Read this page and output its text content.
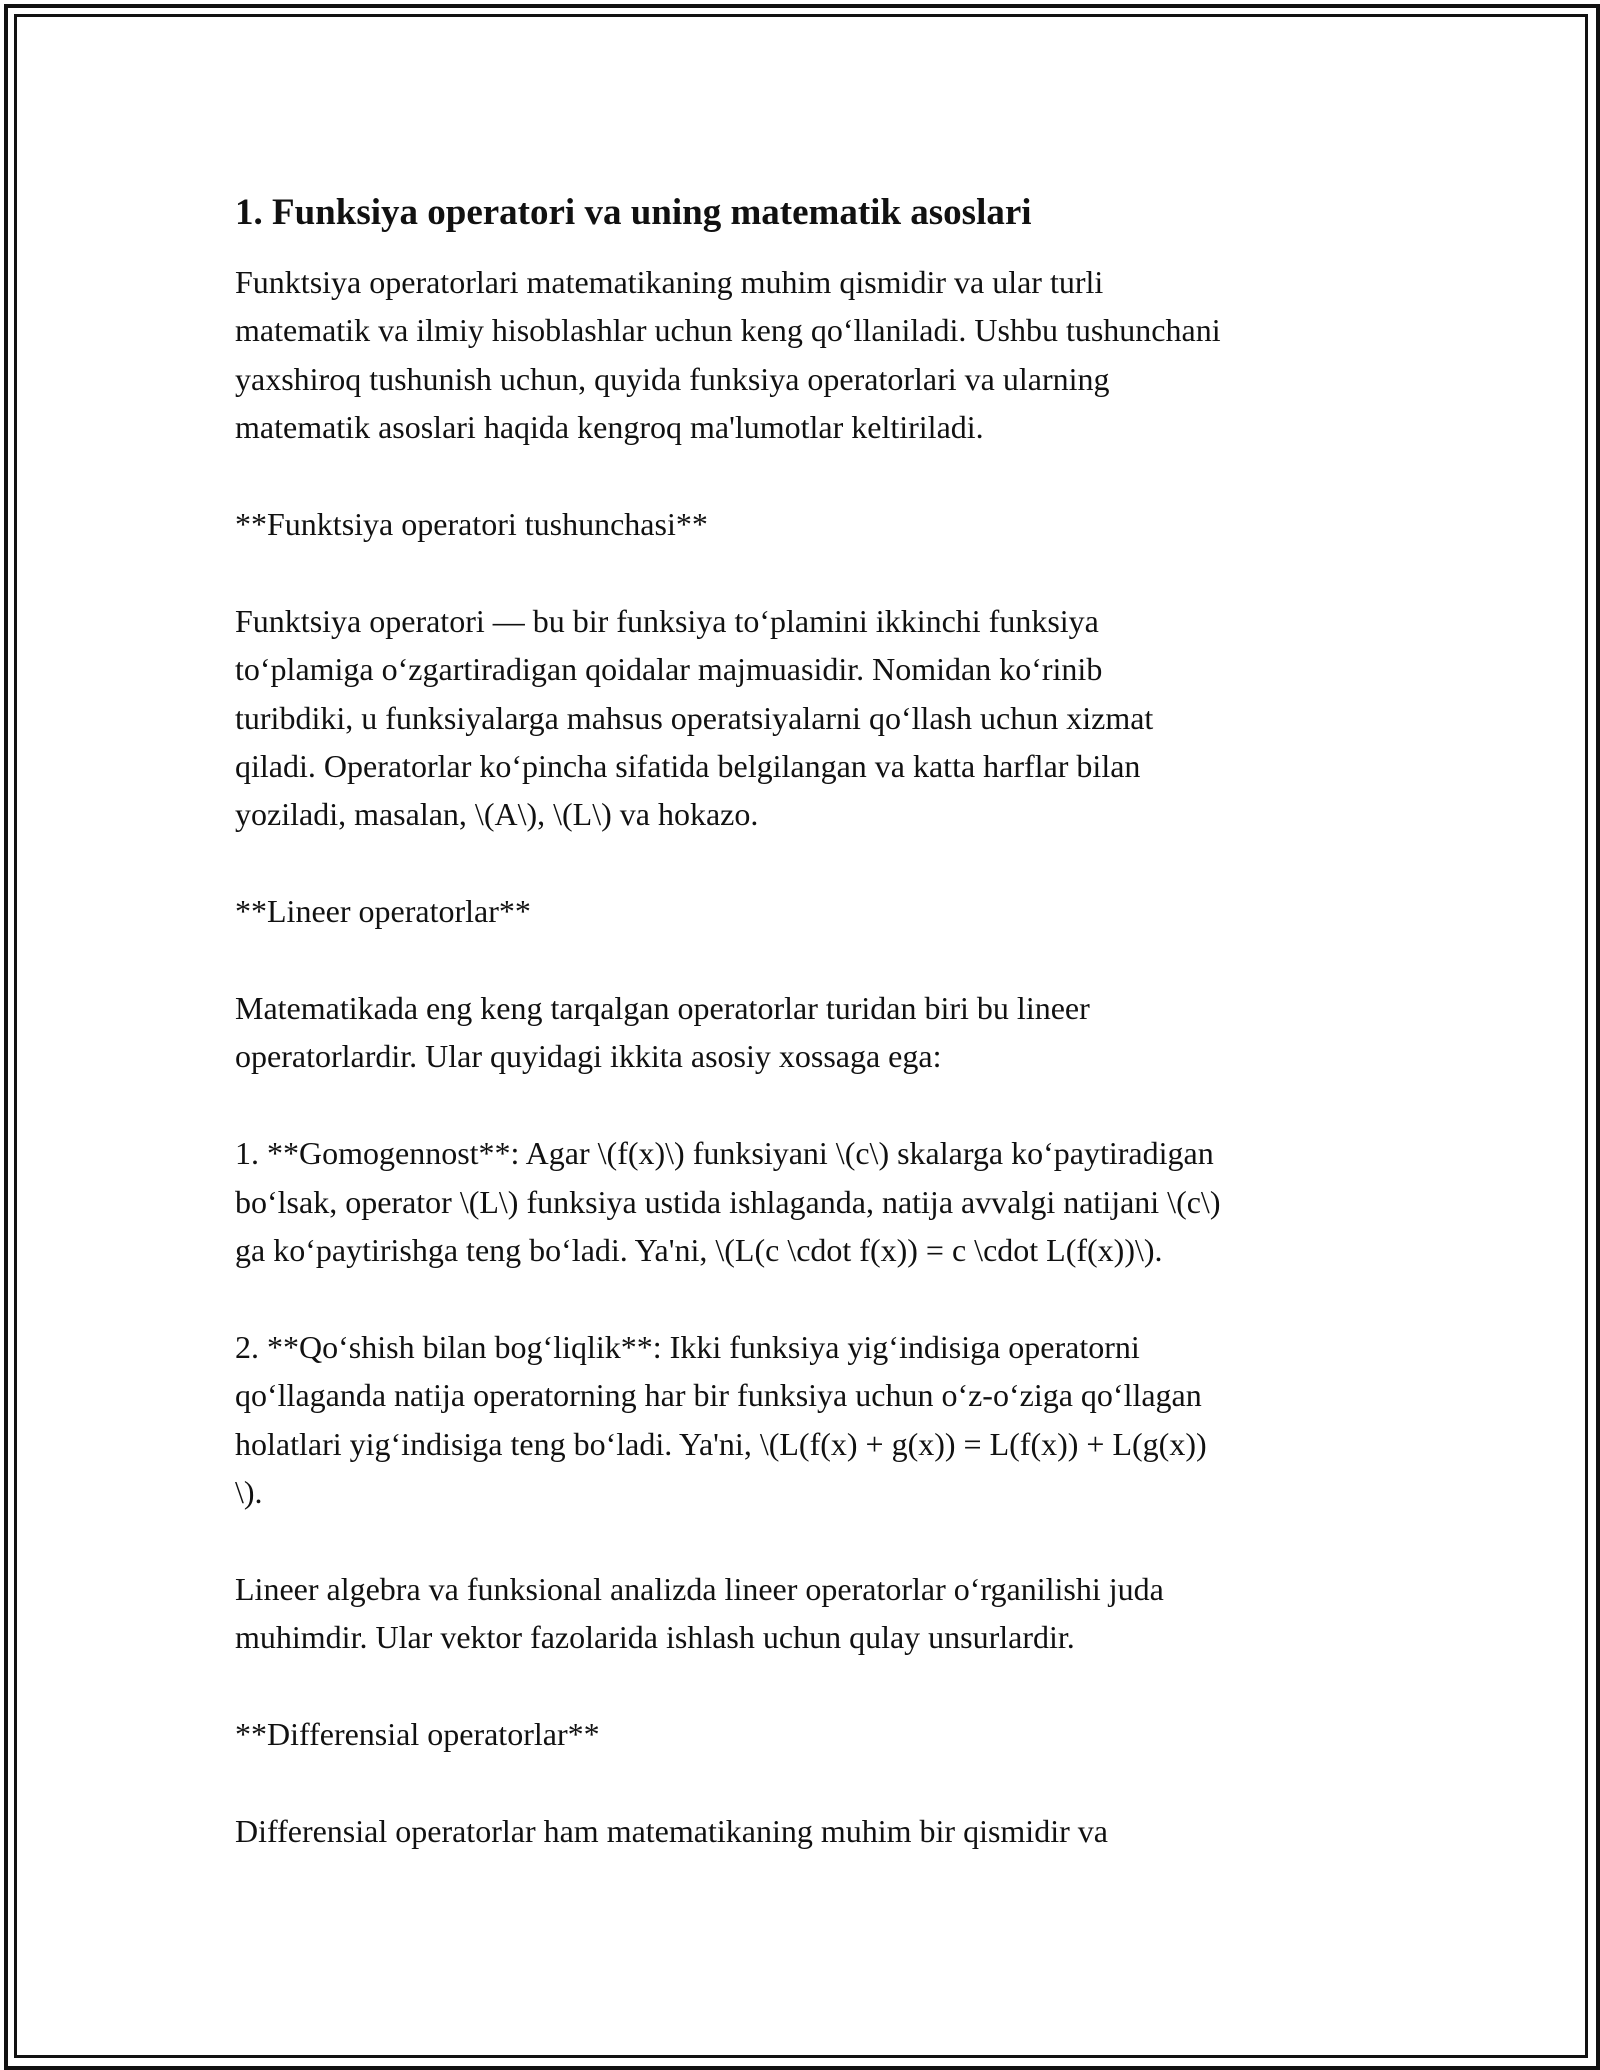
1. Funksiya operatori va uning matematik asoslari

Funktsiya operatorlari matematikaning muhim qismidir va ular turli
matematik va ilmiy hisoblashlar uchun keng qo‘llaniladi. Ushbu tushunchani
yaxshiroq tushunish uchun, quyida funksiya operatorlari va ularning
matematik asoslari haqida kengroq ma'lumotlar keltiriladi.

**Funktsiya operatori tushunchasi**

Funktsiya operatori — bu bir funksiya to‘plamini ikkinchi funksiya
to‘plamiga o‘zgartiradigan qoidalar majmuasidir. Nomidan ko‘rinib
turibdiki, u funksiyalarga mahsus operatsiyalarni qo‘llash uchun xizmat
qiladi. Operatorlar ko‘pincha sifatida belgilangan va katta harflar bilan
yoziladi, masalan, \(A\), \(L\) va hokazo.

**Lineer operatorlar**

Matematikada eng keng tarqalgan operatorlar turidan biri bu lineer
operatorlardir. Ular quyidagi ikkita asosiy xossaga ega:

1. **Gomogennost**: Agar \(f(x)\) funksiyani \(c\) skalarga ko‘paytiradigan
bo‘lsak, operator \(L\) funksiya ustida ishlaganda, natija avvalgi natijani \(c\)
ga ko‘paytirishga teng bo‘ladi. Ya'ni, \(L(c \cdot f(x)) = c \cdot L(f(x))\).

2. **Qo‘shish bilan bog‘liqlik**: Ikki funksiya yig‘indisiga operatorni
qo‘llaganda natija operatorning har bir funksiya uchun o‘z-o‘ziga qo‘llagan
holatlari yig‘indisiga teng bo‘ladi. Ya'ni, \(L(f(x) + g(x)) = L(f(x)) + L(g(x))
\).

Lineer algebra va funksional analizda lineer operatorlar o‘rganilishi juda
muhimdir. Ular vektor fazolarida ishlash uchun qulay unsurlardir.

**Differensial operatorlar**

Differensial operatorlar ham matematikaning muhim bir qismidir va
